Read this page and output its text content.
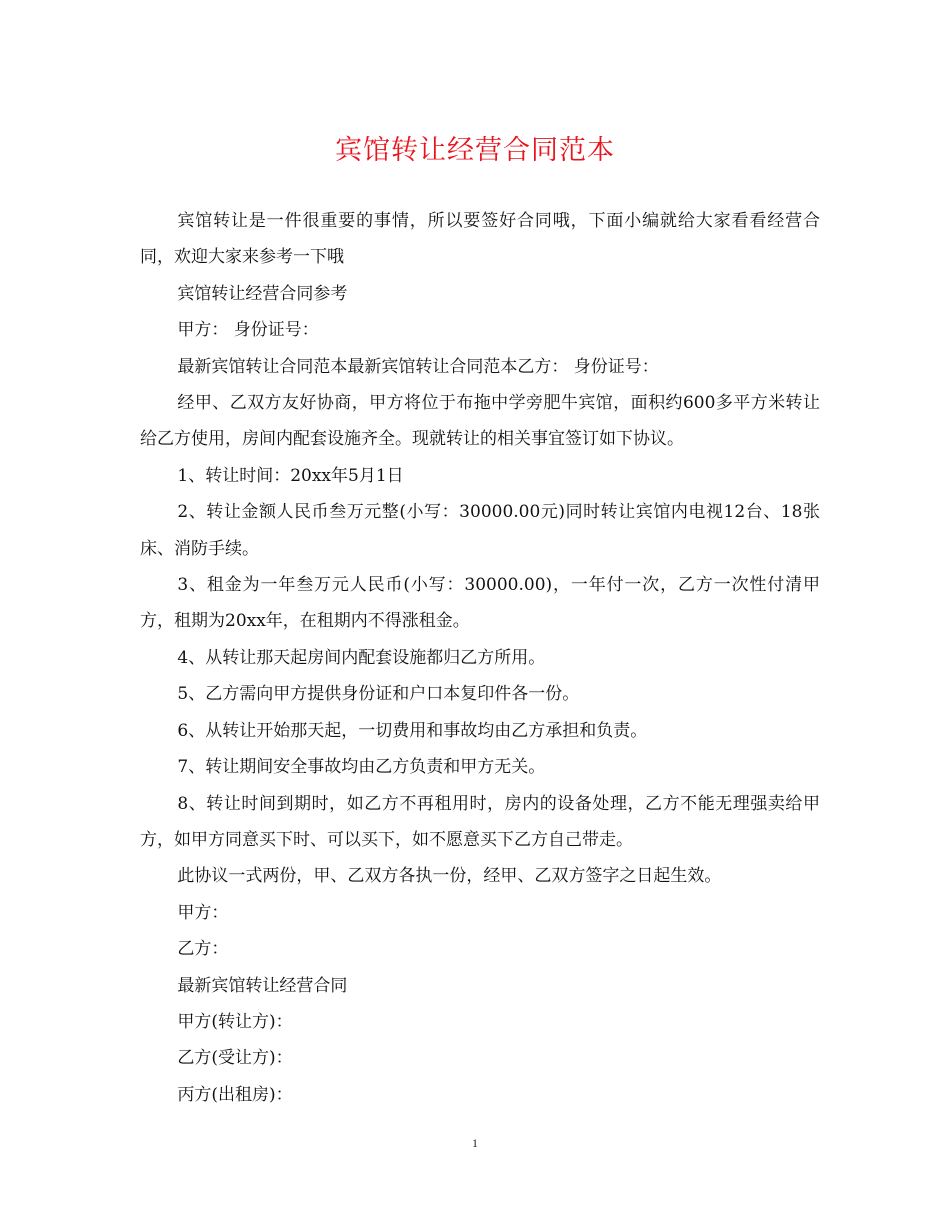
宾馆转让经营合同范本

宾馆转让是一件很重要的事情，所以要签好合同哦，下面小编就给大家看看经营合同，欢迎大家来参考一下哦

宾馆转让经营合同参考

甲方： 身份证号：

最新宾馆转让合同范本最新宾馆转让合同范本乙方： 身份证号：

经甲、乙双方友好协商，甲方将位于布拖中学旁肥牛宾馆，面积约600多平方米转让给乙方使用，房间内配套设施齐全。现就转让的相关事宜签订如下协议。

1、转让时间：20xx年5月1日

2、转让金额人民币叁万元整(小写：30000.00元)同时转让宾馆内电视12台、18张床、消防手续。

3、租金为一年叁万元人民币(小写：30000.00)，一年付一次，乙方一次性付清甲方，租期为20xx年，在租期内不得涨租金。

4、从转让那天起房间内配套设施都归乙方所用。

5、乙方需向甲方提供身份证和户口本复印件各一份。

6、从转让开始那天起，一切费用和事故均由乙方承担和负责。

7、转让期间安全事故均由乙方负责和甲方无关。

8、转让时间到期时，如乙方不再租用时，房内的设备处理，乙方不能无理强卖给甲方，如甲方同意买下时、可以买下，如不愿意买下乙方自己带走。

此协议一式两份，甲、乙双方各执一份，经甲、乙双方签字之日起生效。

甲方：

乙方：

最新宾馆转让经营合同

甲方(转让方)：

乙方(受让方)：

丙方(出租房)：

1
